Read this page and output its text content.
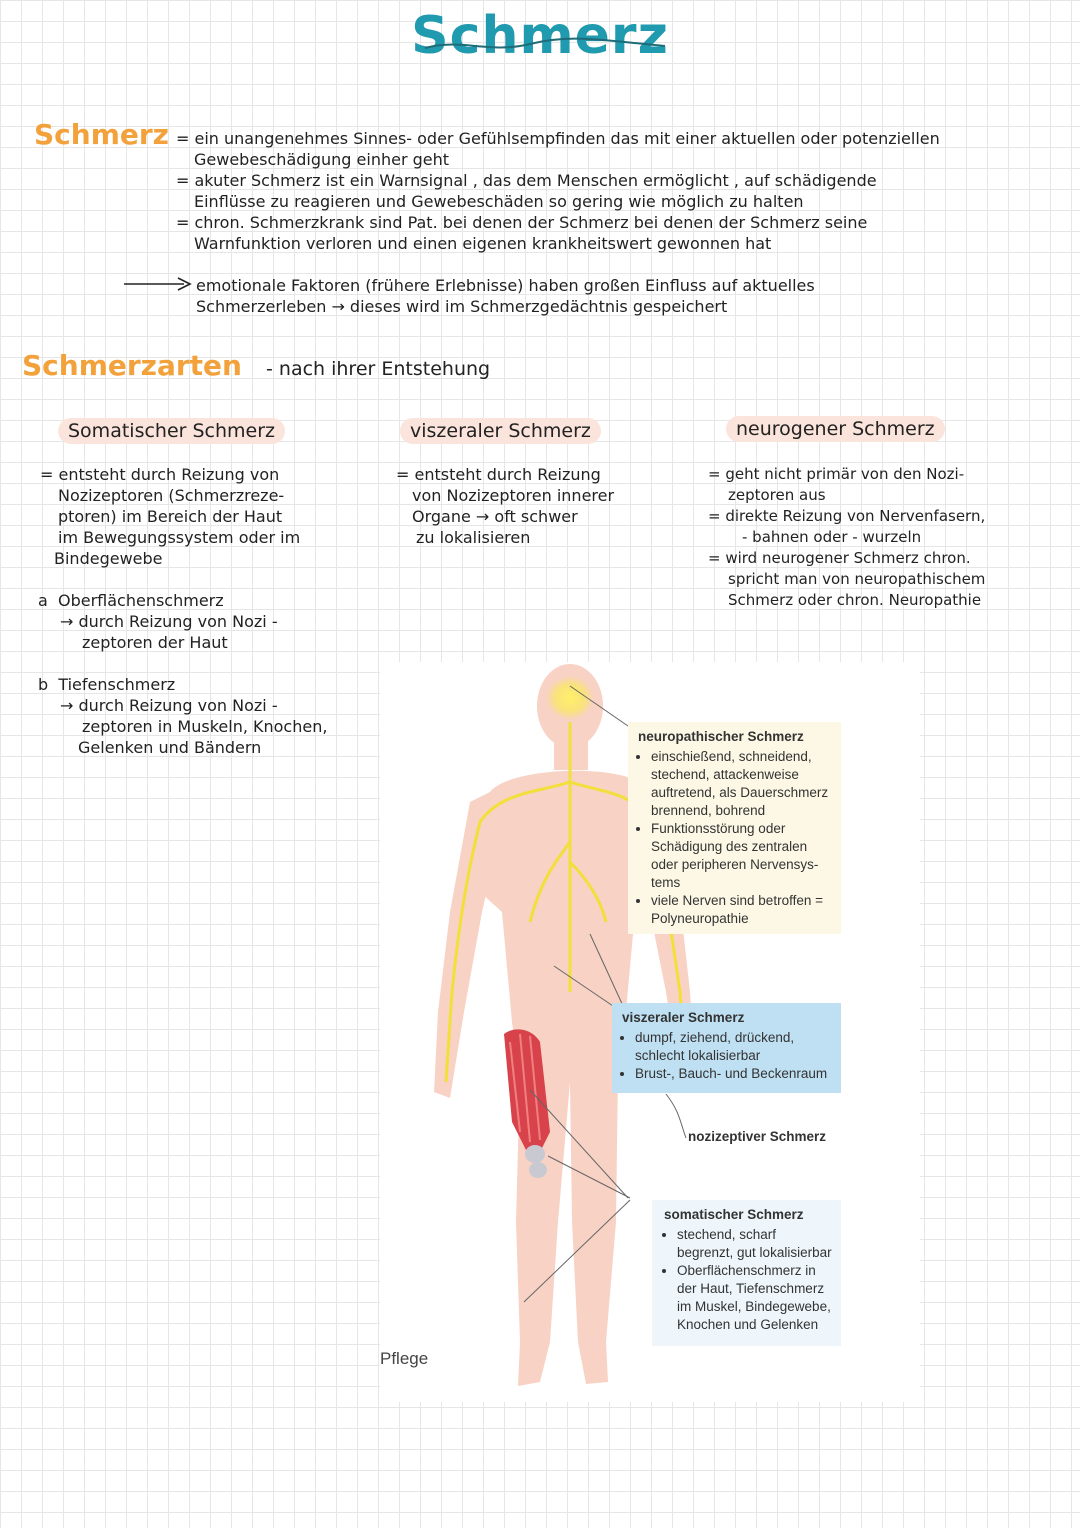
Schmerz
Schmerz = ein unangenehmes Sinnes- oder Gefühlsempfinden das mit einer aktuellen oder potenziellen

Gewebeschädigung einher geht

= akuter Schmerz ist ein Warnsignal , das dem Menschen ermöglicht , auf schädigende

Einflüsse zu reagieren und Gewebeschäden so gering wie möglich zu halten

= chron. Schmerzkrank sind Pat. bei denen der Schmerz bei denen der Schmerz seine

Warnfunktion verloren und einen eigenen krankheitswert gewonnen hat

emotionale Faktoren (frühere Erlebnisse) haben großen Einfluss auf aktuelles

Schmerzerleben → dieses wird im Schmerzgedächtnis gespeichert

Schmerzarten - nach ihrer Entstehung
Somatischer Schmerz

= entsteht durch Reizung von

Nozizeptoren (Schmerzreze-

ptoren) im Bereich der Haut

im Bewegungssystem oder im

Bindegewebe

a Oberflächenschmerz

→ durch Reizung von Nozi -

zeptoren der Haut

b Tiefenschmerz

→ durch Reizung von Nozi -

zeptoren in Muskeln, Knochen,

Gelenken und Bändern

viszeraler Schmerz

= entsteht durch Reizung

von Nozizeptoren innerer

Organe → oft schwer

zu lokalisieren

neurogener Schmerz

= geht nicht primär von den Nozi-

zeptoren aus

= direkte Reizung von Nervenfasern,

- bahnen oder - wurzeln

= wird neurogener Schmerz chron.

spricht man von neuropathischem

Schmerz oder chron. Neuropathie

neuropathischer Schmerz
• einschießend, schneidend, stechend, attackenweise auftretend, als Dauerschmerz brennend, bohrend
• Funktionsstörung oder Schädigung des zentralen oder peripheren Nervensys- tems
• viele Nerven sind betroffen = Polyneuropathie
viszeraler Schmerz
• dumpf, ziehend, drückend, schlecht lokalisierbar
• Brust-, Bauch- und Beckenraum
nozizeptiver Schmerz
somatischer Schmerz
• stechend, scharf begrenzt, gut lokalisierbar
• Oberflächenschmerz in der Haut, Tiefenschmerz im Muskel, Bindegewebe, Knochen und Gelenken
Pflege
